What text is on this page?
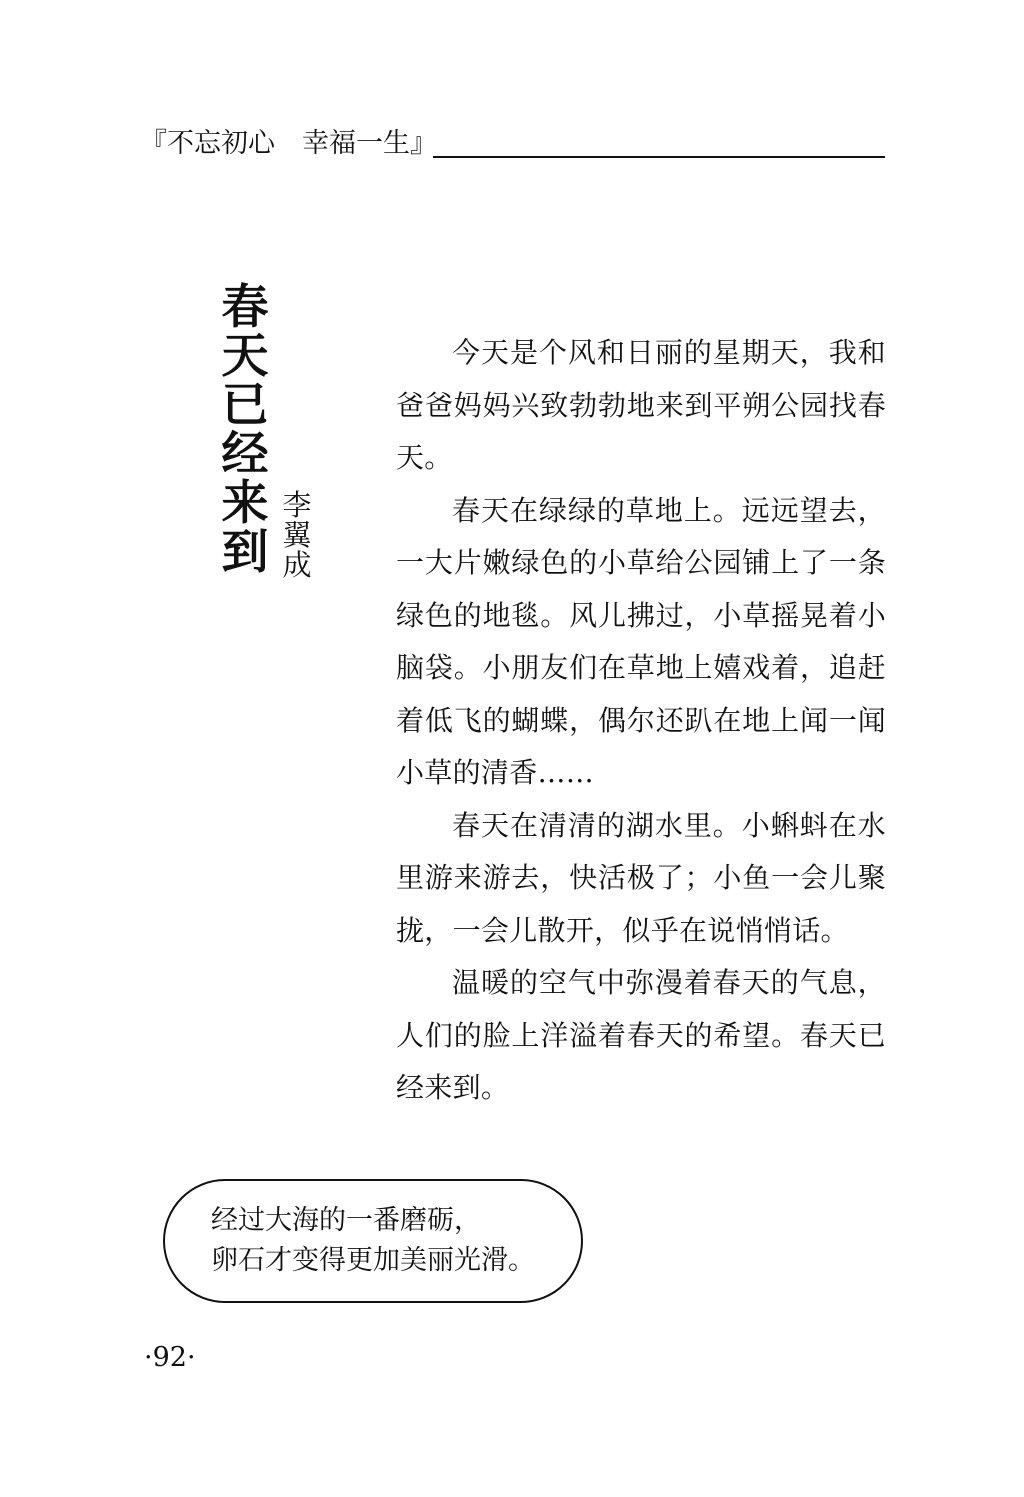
『不忘初心　幸福一生』
春
天
已
经
来
到
李
翼
成

今天是个风和日丽的星期天，我和爸爸妈妈兴致勃勃地来到平朔公园找春天。

春天在绿绿的草地上。远远望去，一大片嫩绿色的小草给公园铺上了一条绿色的地毯。风儿拂过，小草摇晃着小脑袋。小朋友们在草地上嬉戏着，追赶着低飞的蝴蝶，偶尔还趴在地上闻一闻小草的清香……

春天在清清的湖水里。小蝌蚪在水里游来游去，快活极了；小鱼一会儿聚拢，一会儿散开，似乎在说悄悄话。

温暖的空气中弥漫着春天的气息，人们的脸上洋溢着春天的希望。春天已经来到。

经过大海的一番磨砺，
卵石才变得更加美丽光滑。
·92·
